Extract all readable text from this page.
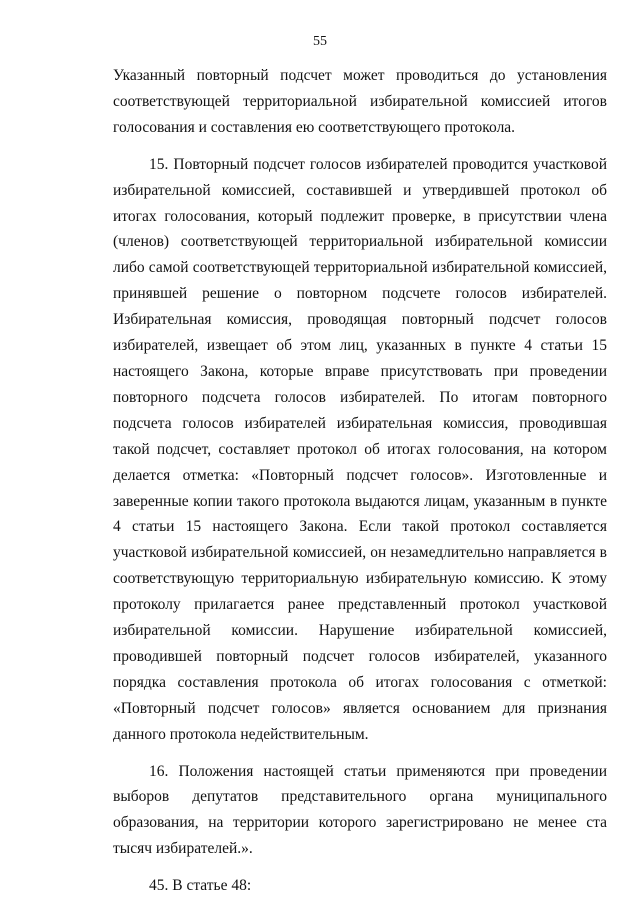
55

Указанный повторный подсчет может проводиться до установления соответствующей территориальной избирательной комиссией итогов голосования и составления ею соответствующего протокола.

15. Повторный подсчет голосов избирателей проводится участковой избирательной комиссией, составившей и утвердившей протокол об итогах голосования, который подлежит проверке, в присутствии члена (членов) соответствующей территориальной избирательной комиссии либо самой соответствующей территориальной избирательной комиссией, принявшей решение о повторном подсчете голосов избирателей. Избирательная комиссия, проводящая повторный подсчет голосов избирателей, извещает об этом лиц, указанных в пункте 4 статьи 15 настоящего Закона, которые вправе присутствовать при проведении повторного подсчета голосов избирателей. По итогам повторного подсчета голосов избирателей избирательная комиссия, проводившая такой подсчет, составляет протокол об итогах голосования, на котором делается отметка: «Повторный подсчет голосов». Изготовленные и заверенные копии такого протокола выдаются лицам, указанным в пункте 4 статьи 15 настоящего Закона. Если такой протокол составляется участковой избирательной комиссией, он незамедлительно направляется в соответствующую территориальную избирательную комиссию. К этому протоколу прилагается ранее представленный протокол участковой избирательной комиссии. Нарушение избирательной комиссией, проводившей повторный подсчет голосов избирателей, указанного порядка составления протокола об итогах голосования с отметкой: «Повторный подсчет голосов» является основанием для признания данного протокола недействительным.

16. Положения настоящей статьи применяются при проведении выборов депутатов представительного органа муниципального образования, на территории которого зарегистрировано не менее ста тысяч избирателей.».

45. В статье 48:
